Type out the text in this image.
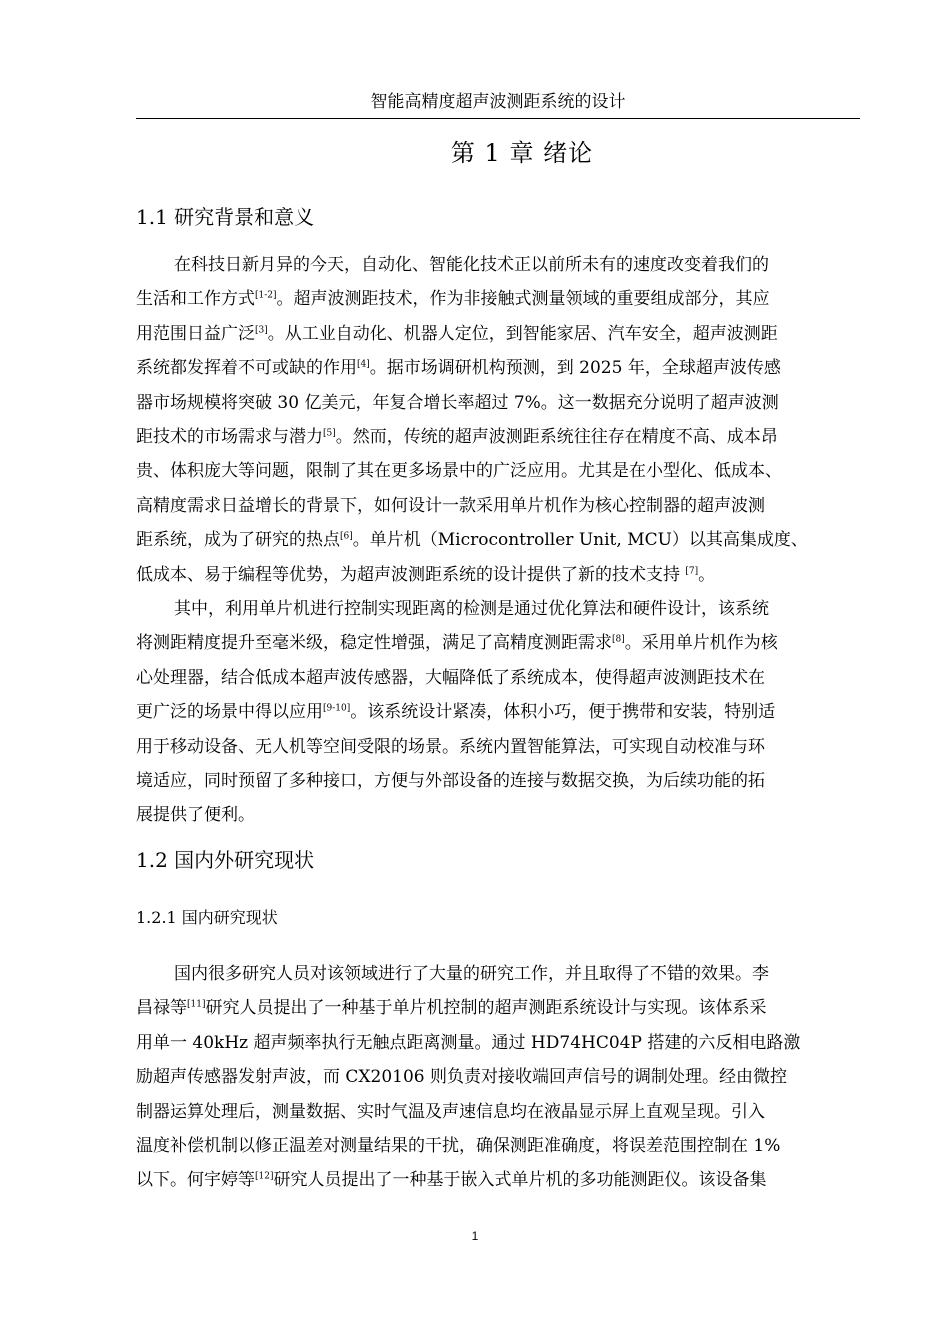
智能高精度超声波测距系统的设计
第 1 章 绪论
1.1 研究背景和意义
在科技日新月异的今天，自动化、智能化技术正以前所未有的速度改变着我们的
生活和工作方式[1-2]。超声波测距技术，作为非接触式测量领域的重要组成部分，其应
用范围日益广泛[3]。从工业自动化、机器人定位，到智能家居、汽车安全，超声波测距
系统都发挥着不可或缺的作用[4]。据市场调研机构预测，到 2025 年，全球超声波传感
器市场规模将突破 30 亿美元，年复合增长率超过 7%。这一数据充分说明了超声波测
距技术的市场需求与潜力[5]。然而，传统的超声波测距系统往往存在精度不高、成本昂
贵、体积庞大等问题，限制了其在更多场景中的广泛应用。尤其是在小型化、低成本、
高精度需求日益增长的背景下，如何设计一款采用单片机作为核心控制器的超声波测
距系统，成为了研究的热点[6]。单片机（Microcontroller Unit, MCU）以其高集成度、
低成本、易于编程等优势，为超声波测距系统的设计提供了新的技术支持 [7]。
其中，利用单片机进行控制实现距离的检测是通过优化算法和硬件设计，该系统
将测距精度提升至毫米级，稳定性增强，满足了高精度测距需求[8]。采用单片机作为核
心处理器，结合低成本超声波传感器，大幅降低了系统成本，使得超声波测距技术在
更广泛的场景中得以应用[9-10]。该系统设计紧凑，体积小巧，便于携带和安装，特别适
用于移动设备、无人机等空间受限的场景。系统内置智能算法，可实现自动校准与环
境适应，同时预留了多种接口，方便与外部设备的连接与数据交换，为后续功能的拓
展提供了便利。
1.2 国内外研究现状
1.2.1 国内研究现状
国内很多研究人员对该领域进行了大量的研究工作，并且取得了不错的效果。李
昌禄等[11]研究人员提出了一种基于单片机控制的超声测距系统设计与实现。该体系采
用单一 40kHz 超声频率执行无触点距离测量。通过 HD74HC04P 搭建的六反相电路激
励超声传感器发射声波，而 CX20106 则负责对接收端回声信号的调制处理。经由微控
制器运算处理后，测量数据、实时气温及声速信息均在液晶显示屏上直观呈现。引入
温度补偿机制以修正温差对测量结果的干扰，确保测距准确度，将误差范围控制在 1%
以下。何宇婷等[12]研究人员提出了一种基于嵌入式单片机的多功能测距仪。该设备集
1
